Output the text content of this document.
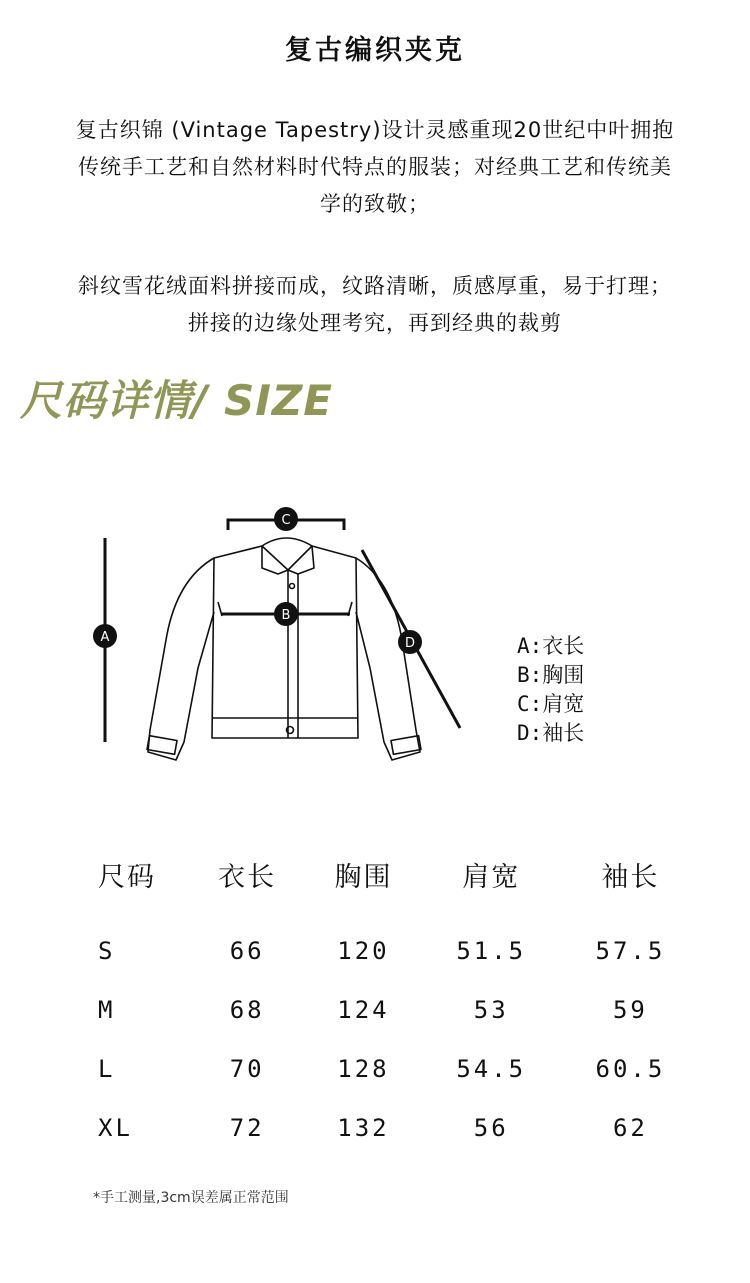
复古编织夹克
复古织锦 (Vintage Tapestry)设计灵感重现20世纪中叶拥抱
传统手工艺和自然材料时代特点的服装；对经典工艺和传统美
学的致敬；
斜纹雪花绒面料拼接而成，纹路清晰，质感厚重，易于打理；
拼接的边缘处理考究，再到经典的裁剪
尺码详情/ SIZE
A
C
B
D	A:衣长
B:胸围
C:肩宽
D:袖长
尺码	衣长	胸围	肩宽	袖长
S	66	120	51.5	57.5
M	68	124	53	59
L	70	128	54.5	60.5
XL	72	132	56	62
*手工测量,3cm误差属正常范围
